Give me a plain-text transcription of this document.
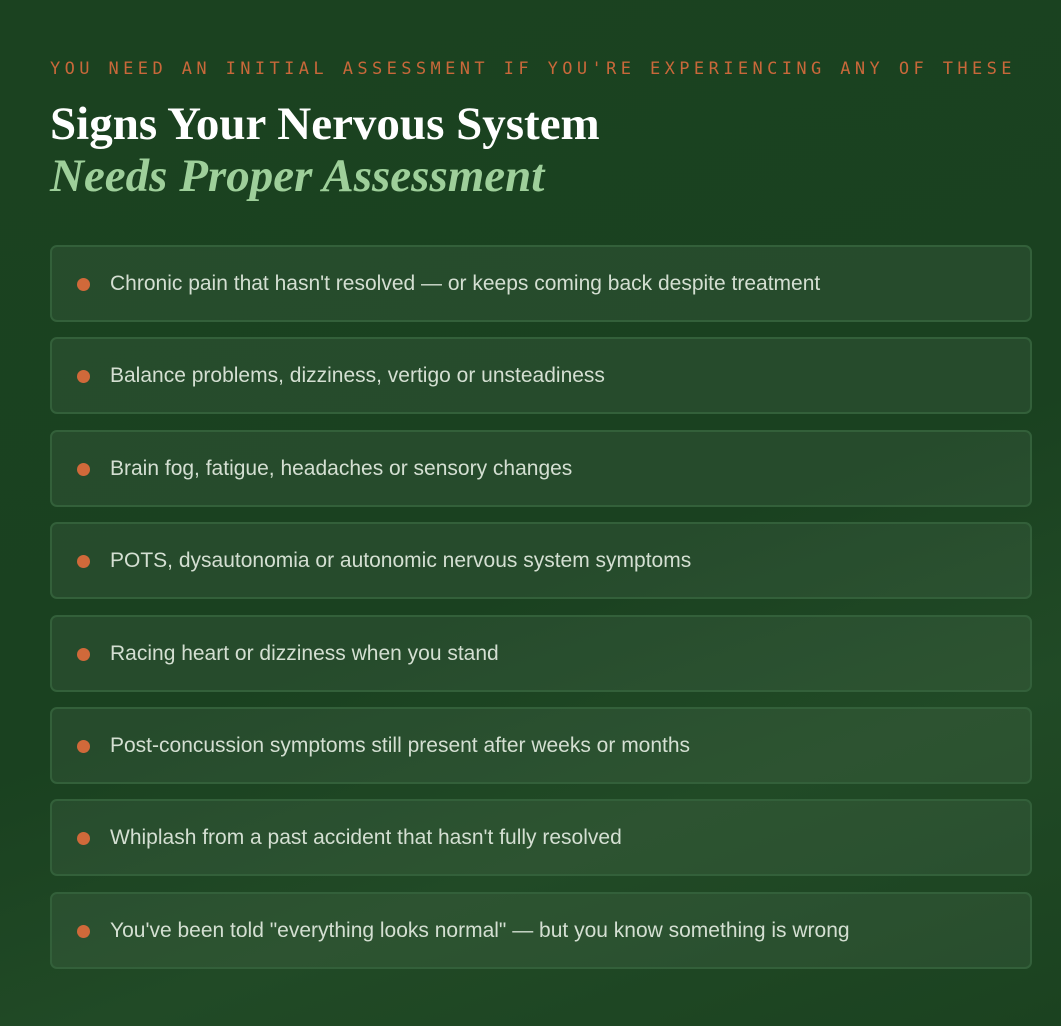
YOU NEED AN INITIAL ASSESSMENT IF YOU'RE EXPERIENCING ANY OF THESE
Signs Your Nervous System
Needs Proper Assessment
Chronic pain that hasn't resolved — or keeps coming back despite treatment
Balance problems, dizziness, vertigo or unsteadiness
Brain fog, fatigue, headaches or sensory changes
POTS, dysautonomia or autonomic nervous system symptoms
Racing heart or dizziness when you stand
Post-concussion symptoms still present after weeks or months
Whiplash from a past accident that hasn't fully resolved
You've been told "everything looks normal" — but you know something is wrong
